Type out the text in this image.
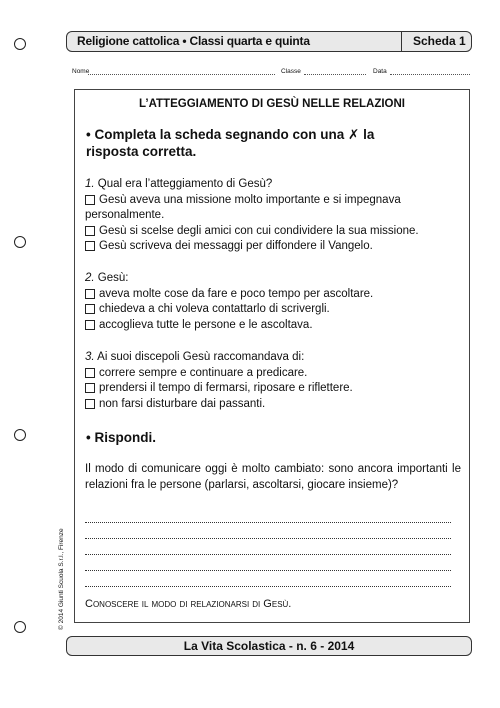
Religione cattolica • Classi quarta e quinta	Scheda 1
Nome	Classe	Data
© 2014 Giunti Scuola S.r.l., Firenze
L’ATTEGGIAMENTO DI GESÙ NELLE RELAZIONI
• Completa la scheda segnando con una ✗ la risposta corretta.
1. Qual era l’atteggiamento di Gesù?
Gesù aveva una missione molto importante e si impegnava personalmente.
Gesù si scelse degli amici con cui condividere la sua missione.
Gesù scriveva dei messaggi per diffondere il Vangelo.
2. Gesù:
aveva molte cose da fare e poco tempo per ascoltare.
chiedeva a chi voleva contattarlo di scrivergli.
accoglieva tutte le persone e le ascoltava.
3. Ai suoi discepoli Gesù raccomandava di:
correre sempre e continuare a predicare.
prendersi il tempo di fermarsi, riposare e riflettere.
non farsi disturbare dai passanti.
• Rispondi.
Il modo di comunicare oggi è molto cambiato: sono ancora importanti le relazioni fra le persone (parlarsi, ascoltarsi, giocare insieme)?
Conoscere il modo di relazionarsi di Gesù.
La Vita Scolastica - n. 6 - 2014
